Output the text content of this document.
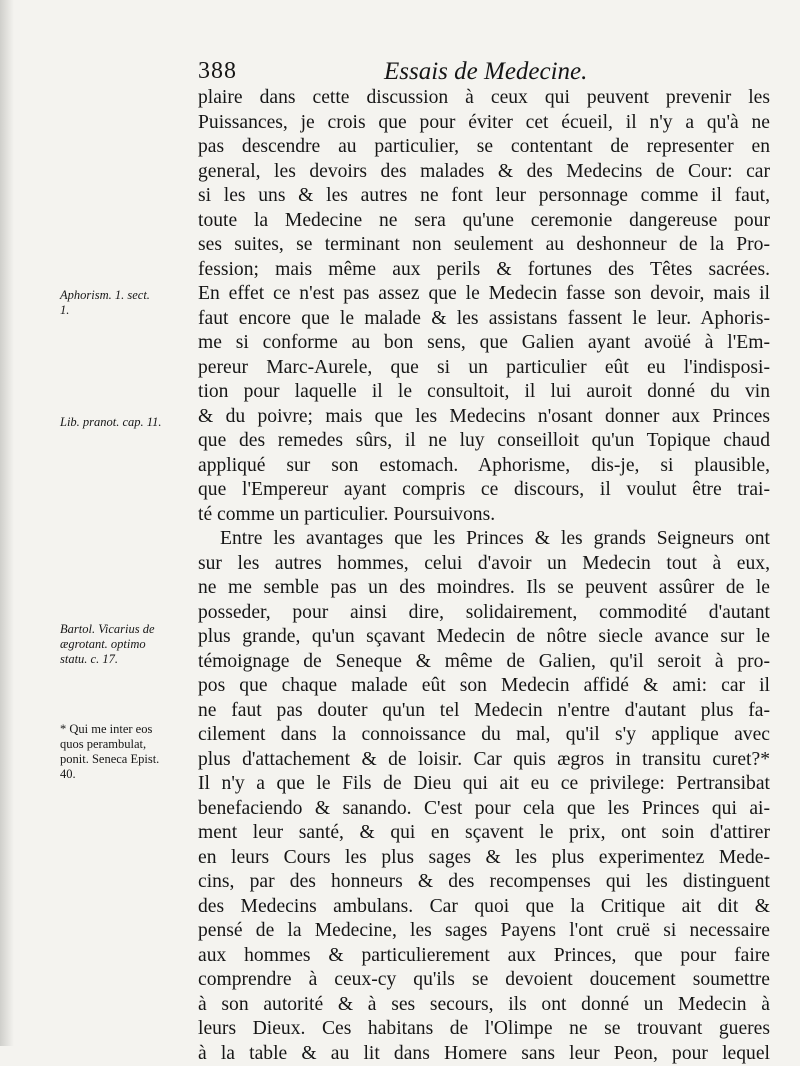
388	Essais de Medecine.
plaire dans cette discussion à ceux qui peuvent prevenir les
Puissances, je crois que pour éviter cet écueil, il n'y a qu'à ne
pas descendre au particulier, se contentant de representer en
general, les devoirs des malades & des Medecins de Cour: car
si les uns & les autres ne font leur personnage comme il faut,
toute la Medecine ne sera qu'une ceremonie dangereuse pour
ses suites, se terminant non seulement au deshonneur de la Pro-
fession; mais même aux perils & fortunes des Têtes sacrées.
En effet ce n'est pas assez que le Medecin fasse son devoir, mais il
faut encore que le malade & les assistans fassent le leur. Aphoris-
me si conforme au bon sens, que Galien ayant avoüé à l'Em-
pereur Marc-Aurele, que si un particulier eût eu l'indisposi-
tion pour laquelle il le consultoit, il lui auroit donné du vin
& du poivre; mais que les Medecins n'osant donner aux Princes
que des remedes sûrs, il ne luy conseilloit qu'un Topique chaud
appliqué sur son estomach. Aphorisme, dis-je, si plausible,
que l'Empereur ayant compris ce discours, il voulut être trai-
té comme un particulier. Poursuivons.
Entre les avantages que les Princes & les grands Seigneurs ont
sur les autres hommes, celui d'avoir un Medecin tout à eux,
ne me semble pas un des moindres. Ils se peuvent assûrer de le
posseder, pour ainsi dire, solidairement, commodité d'autant
plus grande, qu'un sçavant Medecin de nôtre siecle avance sur le
témoignage de Seneque & même de Galien, qu'il seroit à pro-
pos que chaque malade eût son Medecin affidé & ami: car il
ne faut pas douter qu'un tel Medecin n'entre d'autant plus fa-
cilement dans la connoissance du mal, qu'il s'y applique avec
plus d'attachement & de loisir. Car quis ægros in transitu curet?*
Il n'y a que le Fils de Dieu qui ait eu ce privilege: Pertransibat
benefaciendo & sanando. C'est pour cela que les Princes qui ai-
ment leur santé, & qui en sçavent le prix, ont soin d'attirer
en leurs Cours les plus sages & les plus experimentez Mede-
cins, par des honneurs & des recompenses qui les distinguent
des Medecins ambulans. Car quoi que la Critique ait dit &
pensé de la Medecine, les sages Payens l'ont cruë si necessaire
aux hommes & particulierement aux Princes, que pour faire
comprendre à ceux-cy qu'ils se devoient doucement soumettre
à son autorité & à ses secours, ils ont donné un Medecin à
leurs Dieux. Ces habitans de l'Olimpe ne se trouvant gueres
à la table & au lit dans Homere sans leur Peon, pour lequel
Aphorism. 1. sect.
1.
Lib. pranot. cap. 11.
Bartol. Vicarius de
ægrotant. optimo
statu. c. 17.
* Qui me inter eos
quos perambulat,
ponit. Seneca Epist.
40.
